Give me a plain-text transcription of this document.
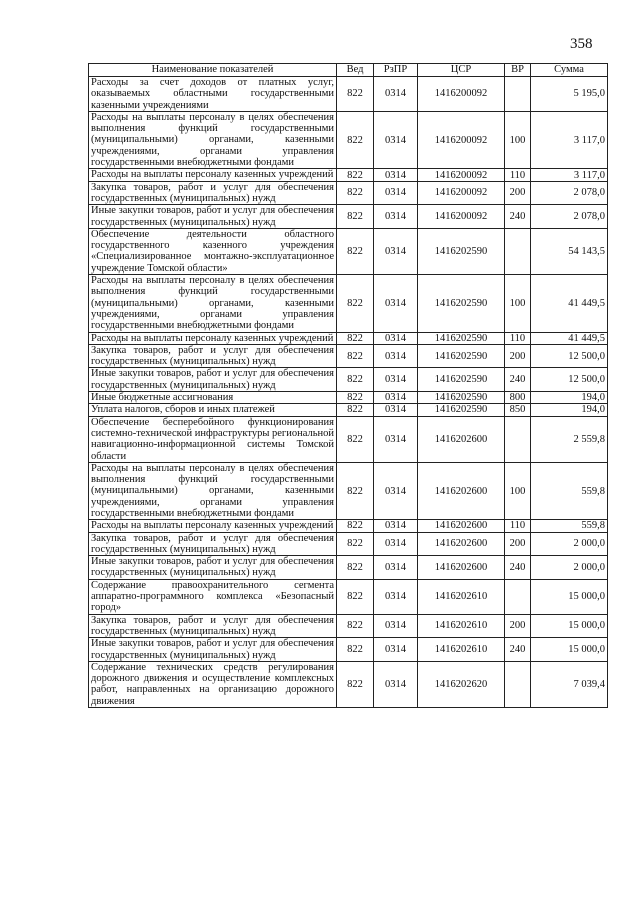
358
Наименование показателей	Вед	РзПР	ЦСР	ВР	Сумма
Расходы за счет доходов от платных услуг, оказываемых областными государственными казенными учреждениями	822	0314	1416200092		5 195,0
Расходы на выплаты персоналу в целях обеспечения выполнения функций государственными (муниципальными) органами, казенными учреждениями, органами управления государственными внебюджетными фондами	822	0314	1416200092	100	3 117,0
Расходы на выплаты персоналу казенных учреждений	822	0314	1416200092	110	3 117,0
Закупка товаров, работ и услуг для обеспечения государственных (муниципальных) нужд	822	0314	1416200092	200	2 078,0
Иные закупки товаров, работ и услуг для обеспечения государственных (муниципальных) нужд	822	0314	1416200092	240	2 078,0
Обеспечение деятельности областного государственного казенного учреждения «Специализированное монтажно-эксплуатационное учреждение Томской области»	822	0314	1416202590		54 143,5
Расходы на выплаты персоналу в целях обеспечения выполнения функций государственными (муниципальными) органами, казенными учреждениями, органами управления государственными внебюджетными фондами	822	0314	1416202590	100	41 449,5
Расходы на выплаты персоналу казенных учреждений	822	0314	1416202590	110	41 449,5
Закупка товаров, работ и услуг для обеспечения государственных (муниципальных) нужд	822	0314	1416202590	200	12 500,0
Иные закупки товаров, работ и услуг для обеспечения государственных (муниципальных) нужд	822	0314	1416202590	240	12 500,0
Иные бюджетные ассигнования	822	0314	1416202590	800	194,0
Уплата налогов, сборов и иных платежей	822	0314	1416202590	850	194,0
Обеспечение бесперебойного функционирования системно-технической инфраструктуры региональной навигационно-информационной системы Томской области	822	0314	1416202600		2 559,8
Расходы на выплаты персоналу в целях обеспечения выполнения функций государственными (муниципальными) органами, казенными учреждениями, органами управления государственными внебюджетными фондами	822	0314	1416202600	100	559,8
Расходы на выплаты персоналу казенных учреждений	822	0314	1416202600	110	559,8
Закупка товаров, работ и услуг для обеспечения государственных (муниципальных) нужд	822	0314	1416202600	200	2 000,0
Иные закупки товаров, работ и услуг для обеспечения государственных (муниципальных) нужд	822	0314	1416202600	240	2 000,0
Содержание правоохранительного сегмента аппаратно-программного комплекса «Безопасный город»	822	0314	1416202610		15 000,0
Закупка товаров, работ и услуг для обеспечения государственных (муниципальных) нужд	822	0314	1416202610	200	15 000,0
Иные закупки товаров, работ и услуг для обеспечения государственных (муниципальных) нужд	822	0314	1416202610	240	15 000,0
Содержание технических средств регулирования дорожного движения и осуществление комплексных работ, направленных на организацию дорожного движения	822	0314	1416202620		7 039,4
